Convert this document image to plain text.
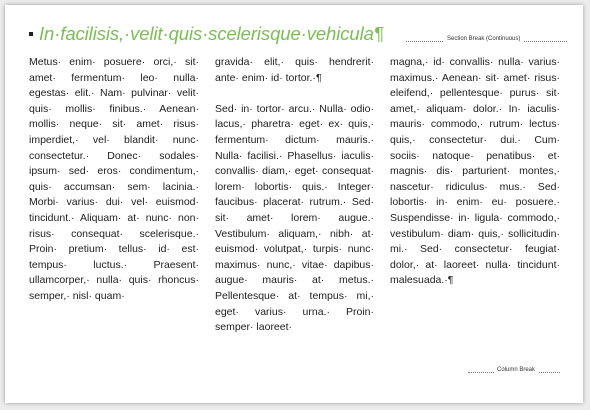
In·facilisis,·velit·quis·scelerisque·vehicula¶	Section Break (Continuous)

Metus· enim· posuere· orci,· sit· amet· fermentum· leo· nulla· egestas· elit.· Nam· pulvinar· velit· quis· mollis· finibus.· Aenean· mollis· neque· sit· amet· risus· imperdiet,· vel· blandit· nunc· consectetur.· Donec· sodales· ipsum· sed· eros· condimentum,· quis· accumsan· sem· lacinia.· Morbi· varius· dui· vel· euismod· tincidunt.· Aliquam· at· nunc· non· risus· consequat· scelerisque.· Proin· pretium· tellus· id· est· tempus· luctus.· Praesent· ullamcorper,· nulla· quis· rhoncus· semper,· nisl· quam·

gravida· elit,· quis· hendrerit· ante· enim· id· tortor.·¶

Sed· in· tortor· arcu.· Nulla· odio· lacus,· pharetra· eget· ex· quis,· fermentum· dictum· mauris.· Nulla· facilisi.· Phasellus· iaculis· convallis· diam,· eget· consequat· lorem· lobortis· quis.· Integer· faucibus· placerat· rutrum.· Sed· sit· amet· lorem· augue.· Vestibulum· aliquam,· nibh· at· euismod· volutpat,· turpis· nunc· maximus· nunc,· vitae· dapibus· augue· mauris· at· metus.· Pellentesque· at· tempus· mi,· eget· varius· urna.· Proin· semper· laoreet·

magna,· id· convallis· nulla· varius· maximus.· Aenean· sit· amet· risus· eleifend,· pellentesque· purus· sit· amet,· aliquam· dolor.· In· iaculis· mauris· commodo,· rutrum· lectus· quis,· consectetur· dui.· Cum· sociis· natoque· penatibus· et· magnis· dis· parturient· montes,· nascetur· ridiculus· mus.· Sed· lobortis· in· enim· eu· posuere.· Suspendisse· in· ligula· commodo,· vestibulum· diam· quis,· sollicitudin· mi.· Sed· consectetur· feugiat· dolor,· at· laoreet· nulla· tincidunt· malesuada.·¶

Column Break
